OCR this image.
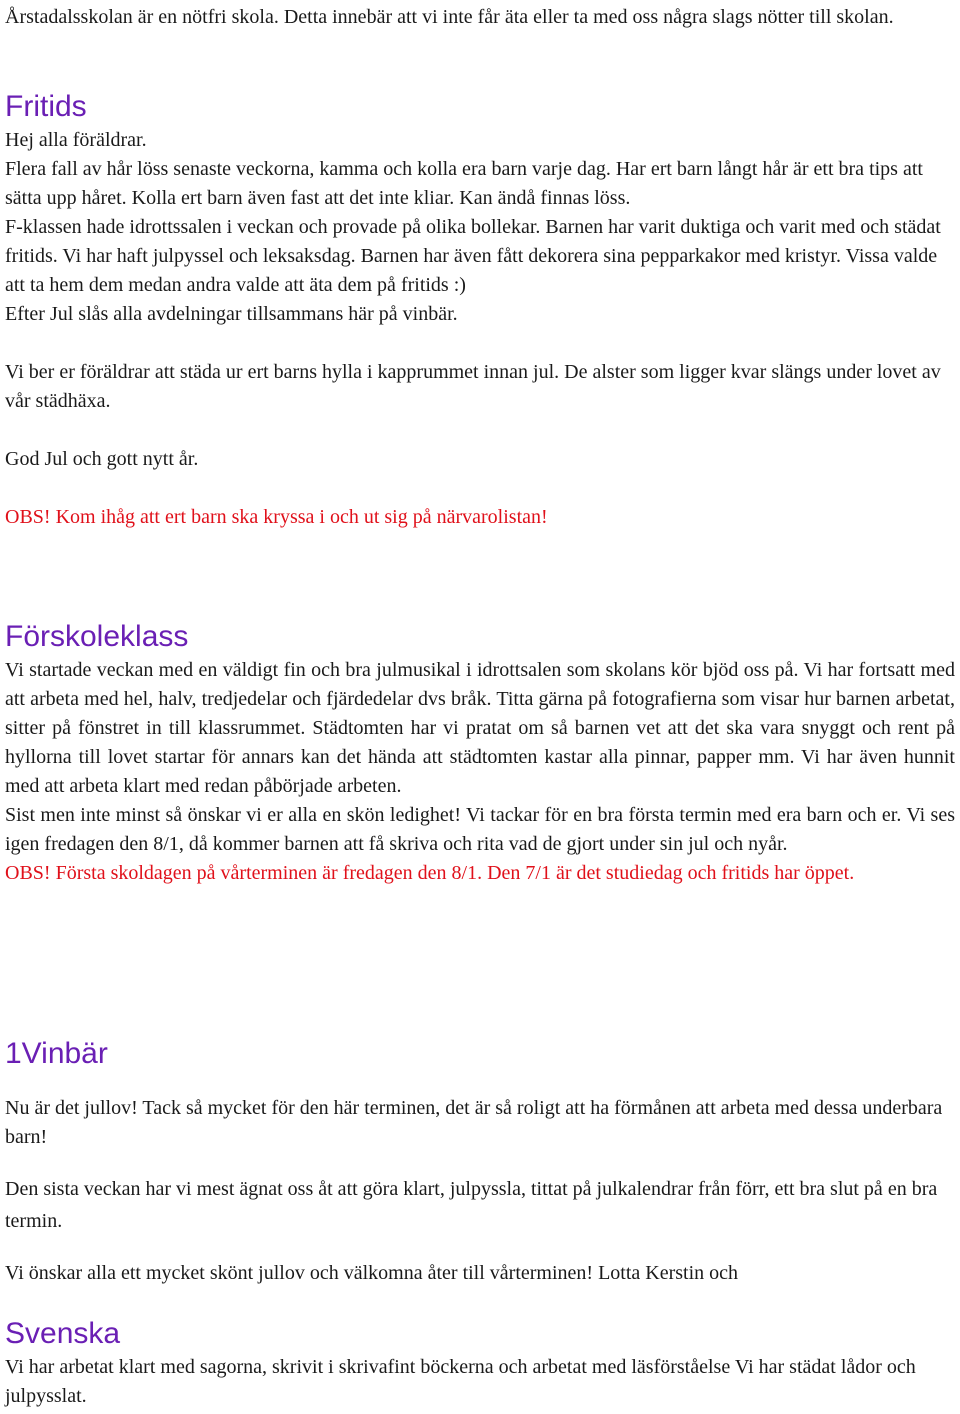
Årstadalsskolan är en nötfri skola. Detta innebär att vi inte får äta eller ta med oss några slags nötter till skolan.

Fritids

Hej alla föräldrar.

Flera fall av hår löss senaste veckorna, kamma och kolla era barn varje dag. Har ert barn långt hår är ett bra tips att sätta upp håret. Kolla ert barn även fast att det inte kliar. Kan ändå finnas löss.

F-klassen hade idrottssalen i veckan och provade på olika bollekar. Barnen har varit duktiga och varit med och städat fritids. Vi har haft julpyssel och leksaksdag. Barnen har även fått dekorera sina pepparkakor med kristyr. Vissa valde att ta hem dem medan andra valde att äta dem på fritids :)

Efter Jul slås alla avdelningar tillsammans här på vinbär.

Vi ber er föräldrar att städa ur ert barns hylla i kapprummet innan jul. De alster som ligger kvar slängs under lovet av vår städhäxa.

God Jul och gott nytt år.

OBS! Kom ihåg att ert barn ska kryssa i och ut sig på närvarolistan!

Förskoleklass

Vi startade veckan med en väldigt fin och bra julmusikal i idrottsalen som skolans kör bjöd oss på. Vi har fortsatt med att arbeta med hel, halv, tredjedelar och fjärdedelar dvs bråk. Titta gärna på fotografierna som visar hur barnen arbetat, sitter på fönstret in till klassrummet. Städtomten har vi pratat om så barnen vet att det ska vara snyggt och rent på hyllorna till lovet startar för annars kan det hända att städtomten kastar alla pinnar, papper mm. Vi har även hunnit med att arbeta klart med redan påbörjade arbeten.

Sist men inte minst så önskar vi er alla en skön ledighet! Vi tackar för en bra första termin med era barn och er. Vi ses igen fredagen den 8/1, då kommer barnen att få skriva och rita vad de gjort under sin jul och nyår.

OBS! Första skoldagen på vårterminen är fredagen den 8/1. Den 7/1 är det studiedag och fritids har öppet.

1Vinbär

Nu är det jullov! Tack så mycket för den här terminen, det är så roligt att ha förmånen att arbeta med dessa underbara barn!

Den sista veckan har vi mest ägnat oss åt att göra klart, julpyssla, tittat på julkalendrar från förr, ett bra slut på en bra termin.

Vi önskar alla ett mycket skönt jullov och välkomna åter till vårterminen! Lotta Kerstin och

Svenska

Vi har arbetat klart med sagorna, skrivit i skrivafint böckerna och arbetat med läsförståelse Vi har städat lådor och julpysslat.
